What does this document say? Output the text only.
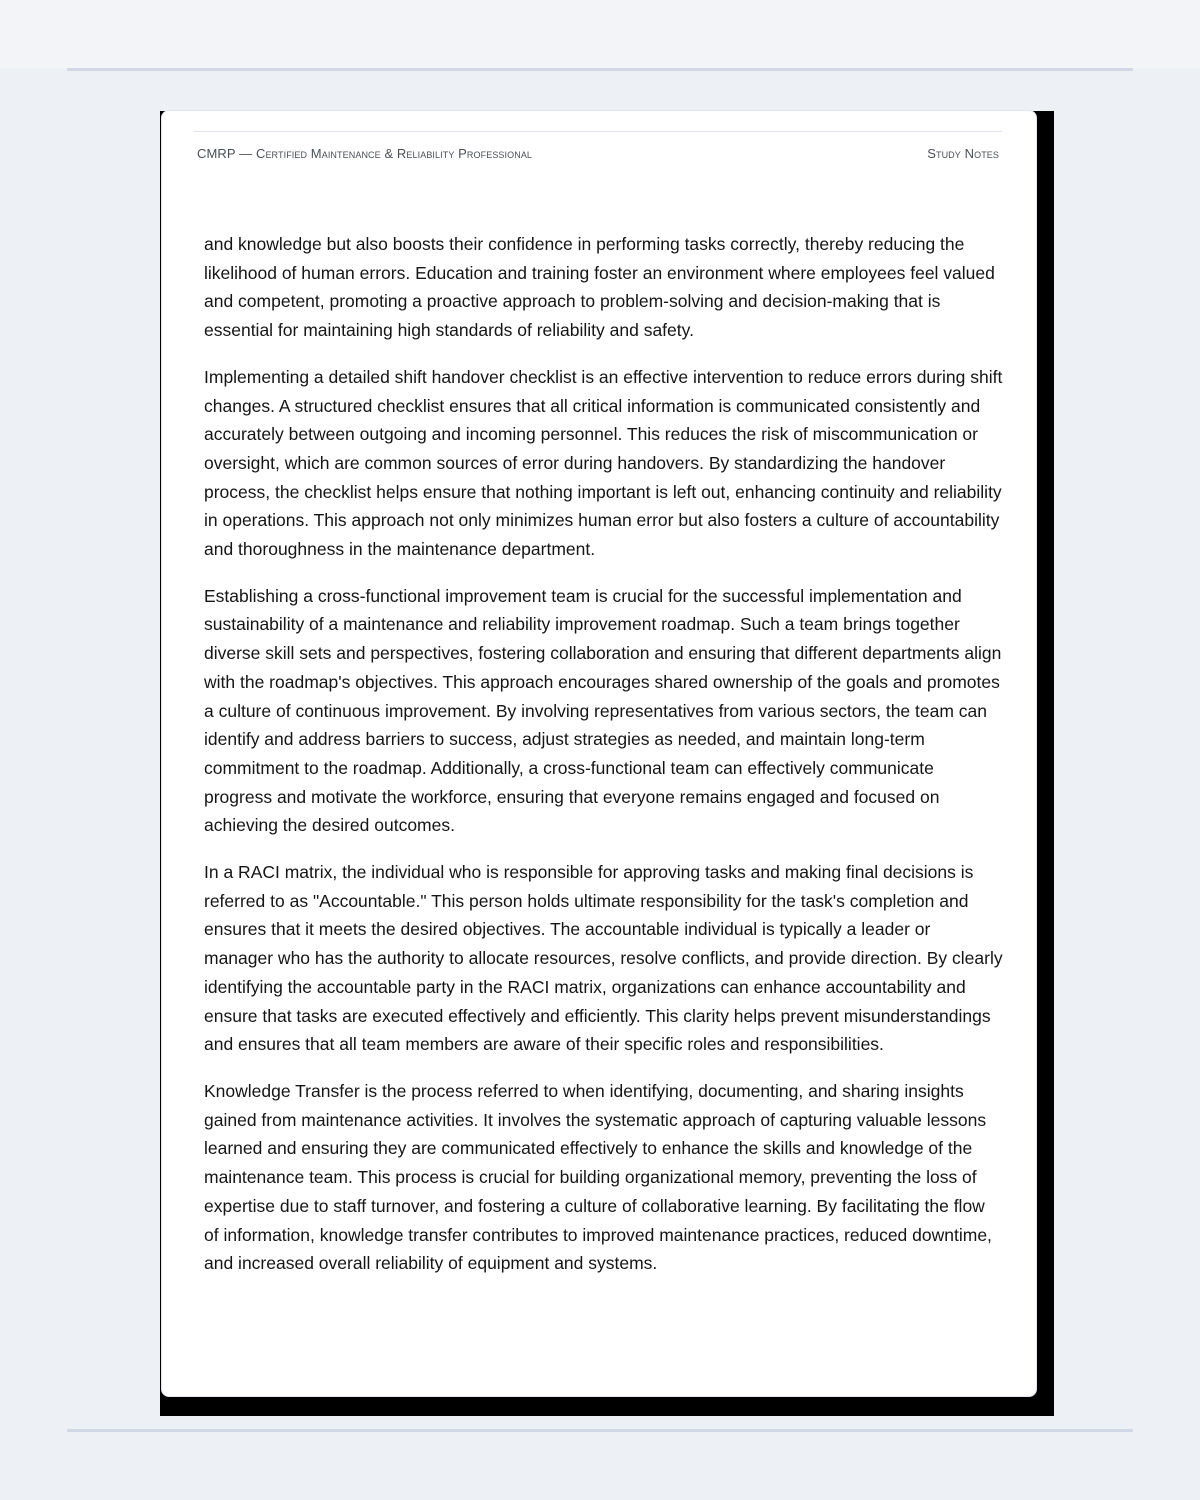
CMRP — Certified Maintenance & Reliability Professional	Study Notes

and knowledge but also boosts their confidence in performing tasks correctly, thereby reducing the likelihood of human errors. Education and training foster an environment where employees feel valued and competent, promoting a proactive approach to problem-solving and decision-making that is essential for maintaining high standards of reliability and safety.

Implementing a detailed shift handover checklist is an effective intervention to reduce errors during shift changes. A structured checklist ensures that all critical information is communicated consistently and accurately between outgoing and incoming personnel. This reduces the risk of miscommunication or oversight, which are common sources of error during handovers. By standardizing the handover process, the checklist helps ensure that nothing important is left out, enhancing continuity and reliability in operations. This approach not only minimizes human error but also fosters a culture of accountability and thoroughness in the maintenance department.

Establishing a cross-functional improvement team is crucial for the successful implementation and sustainability of a maintenance and reliability improvement roadmap. Such a team brings together diverse skill sets and perspectives, fostering collaboration and ensuring that different departments align with the roadmap's objectives. This approach encourages shared ownership of the goals and promotes a culture of continuous improvement. By involving representatives from various sectors, the team can identify and address barriers to success, adjust strategies as needed, and maintain long-term commitment to the roadmap. Additionally, a cross-functional team can effectively communicate progress and motivate the workforce, ensuring that everyone remains engaged and focused on achieving the desired outcomes.

In a RACI matrix, the individual who is responsible for approving tasks and making final decisions is referred to as "Accountable." This person holds ultimate responsibility for the task's completion and ensures that it meets the desired objectives. The accountable individual is typically a leader or manager who has the authority to allocate resources, resolve conflicts, and provide direction. By clearly identifying the accountable party in the RACI matrix, organizations can enhance accountability and ensure that tasks are executed effectively and efficiently. This clarity helps prevent misunderstandings and ensures that all team members are aware of their specific roles and responsibilities.

Knowledge Transfer is the process referred to when identifying, documenting, and sharing insights gained from maintenance activities. It involves the systematic approach of capturing valuable lessons learned and ensuring they are communicated effectively to enhance the skills and knowledge of the maintenance team. This process is crucial for building organizational memory, preventing the loss of expertise due to staff turnover, and fostering a culture of collaborative learning. By facilitating the flow of information, knowledge transfer contributes to improved maintenance practices, reduced downtime, and increased overall reliability of equipment and systems.
